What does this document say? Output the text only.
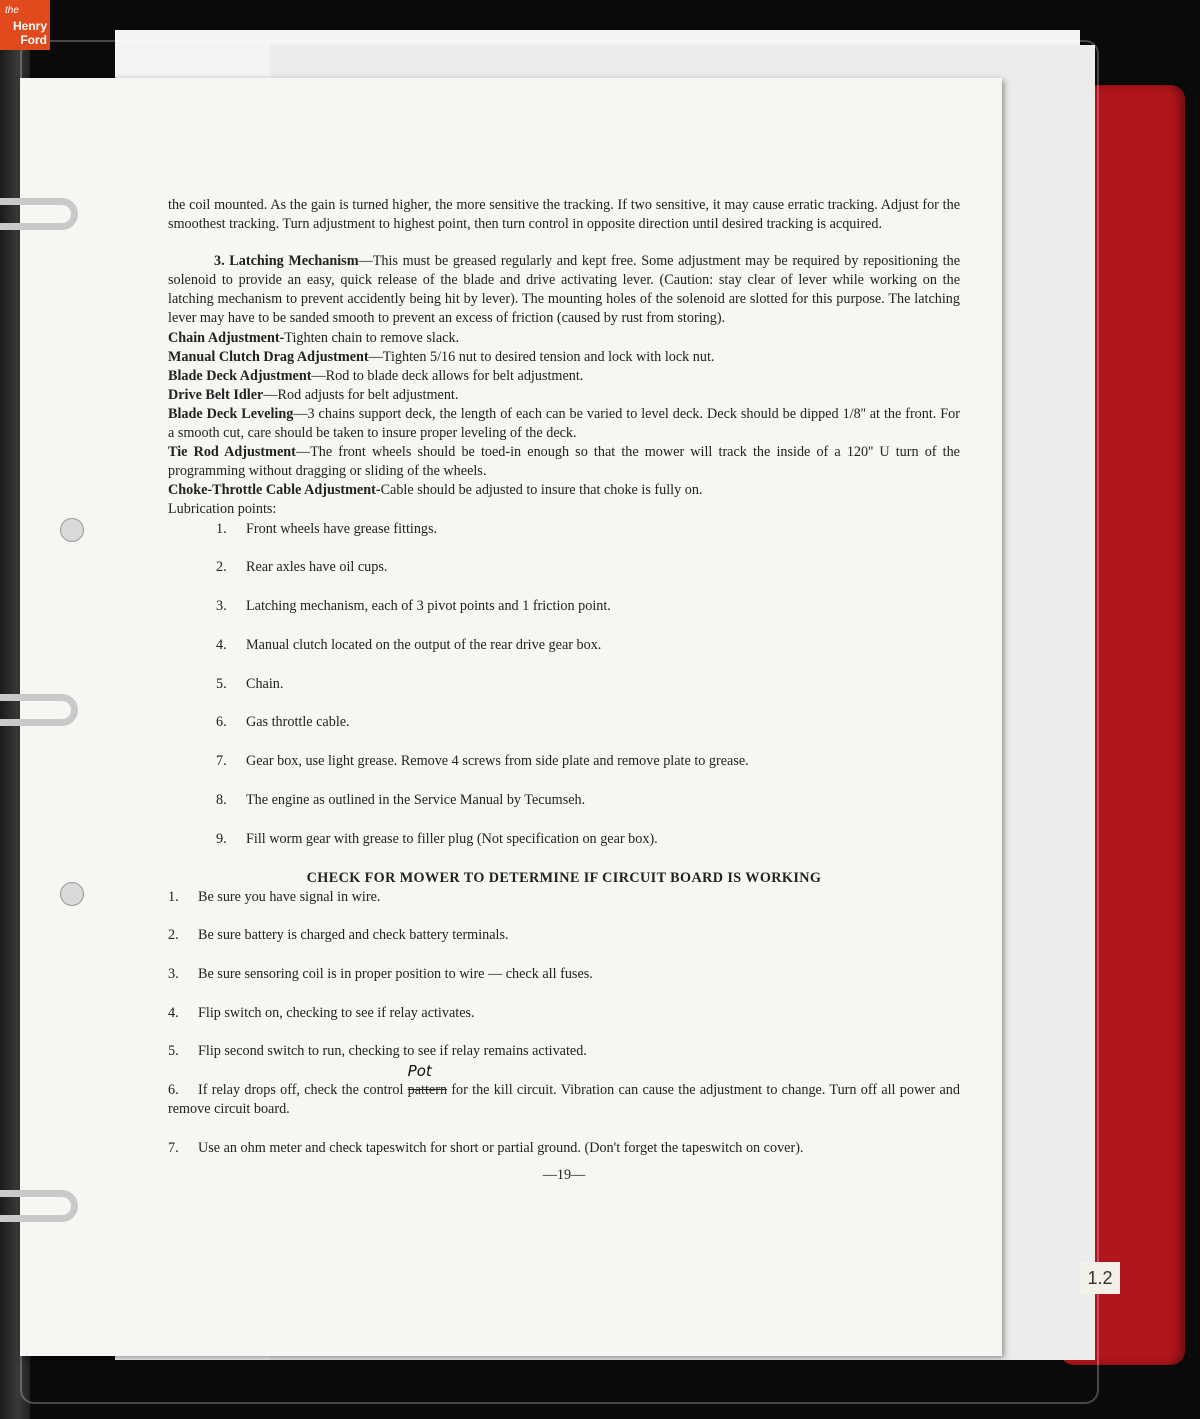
1.2
the
Henry
Ford

the coil mounted. As the gain is turned higher, the more sensitive the tracking. If two sensitive, it may cause erratic tracking. Adjust for the smoothest tracking. Turn adjustment to highest point, then turn control in opposite direction until desired tracking is acquired.

3. Latching Mechanism—This must be greased regularly and kept free. Some adjustment may be required by repositioning the solenoid to provide an easy, quick release of the blade and drive activating lever. (Caution: stay clear of lever while working on the latching mechanism to prevent accidently being hit by lever). The mounting holes of the solenoid are slotted for this purpose. The latching lever may have to be sanded smooth to prevent an excess of friction (caused by rust from storing).

Chain Adjustment-Tighten chain to remove slack.

Manual Clutch Drag Adjustment—Tighten 5/16 nut to desired tension and lock with lock nut.

Blade Deck Adjustment—Rod to blade deck allows for belt adjustment.

Drive Belt Idler—Rod adjusts for belt adjustment.

Blade Deck Leveling—3 chains support deck, the length of each can be varied to level deck. Deck should be dipped 1/8'' at the front. For a smooth cut, care should be taken to insure proper leveling of the deck.

Tie Rod Adjustment—The front wheels should be toed-in enough so that the mower will track the inside of a 120'' U turn of the programming without dragging or sliding of the wheels.

Choke-Throttle Cable Adjustment-Cable should be adjusted to insure that choke is fully on.

Lubrication points:

1. Front wheels have grease fittings.
2. Rear axles have oil cups.
3. Latching mechanism, each of 3 pivot points and 1 friction point.
4. Manual clutch located on the output of the rear drive gear box.
5. Chain.
6. Gas throttle cable.
7. Gear box, use light grease. Remove 4 screws from side plate and remove plate to grease.
8. The engine as outlined in the Service Manual by Tecumseh.
9. Fill worm gear with grease to filler plug (Not specification on gear box).

CHECK FOR MOWER TO DETERMINE IF CIRCUIT BOARD IS WORKING

1. Be sure you have signal in wire.
2. Be sure battery is charged and check battery terminals.
3. Be sure sensoring coil is in proper position to wire — check all fuses.
4. Flip switch on, checking to see if relay activates.
5. Flip second switch to run, checking to see if relay remains activated.
6. If relay drops off, check the control pattern
Pot
for the kill circuit. Vibration can cause the adjustment to change. Turn off all power and remove circuit board.
7. Use an ohm meter and check tapeswitch for short or partial ground. (Don't forget the tapeswitch on cover).

—19—
